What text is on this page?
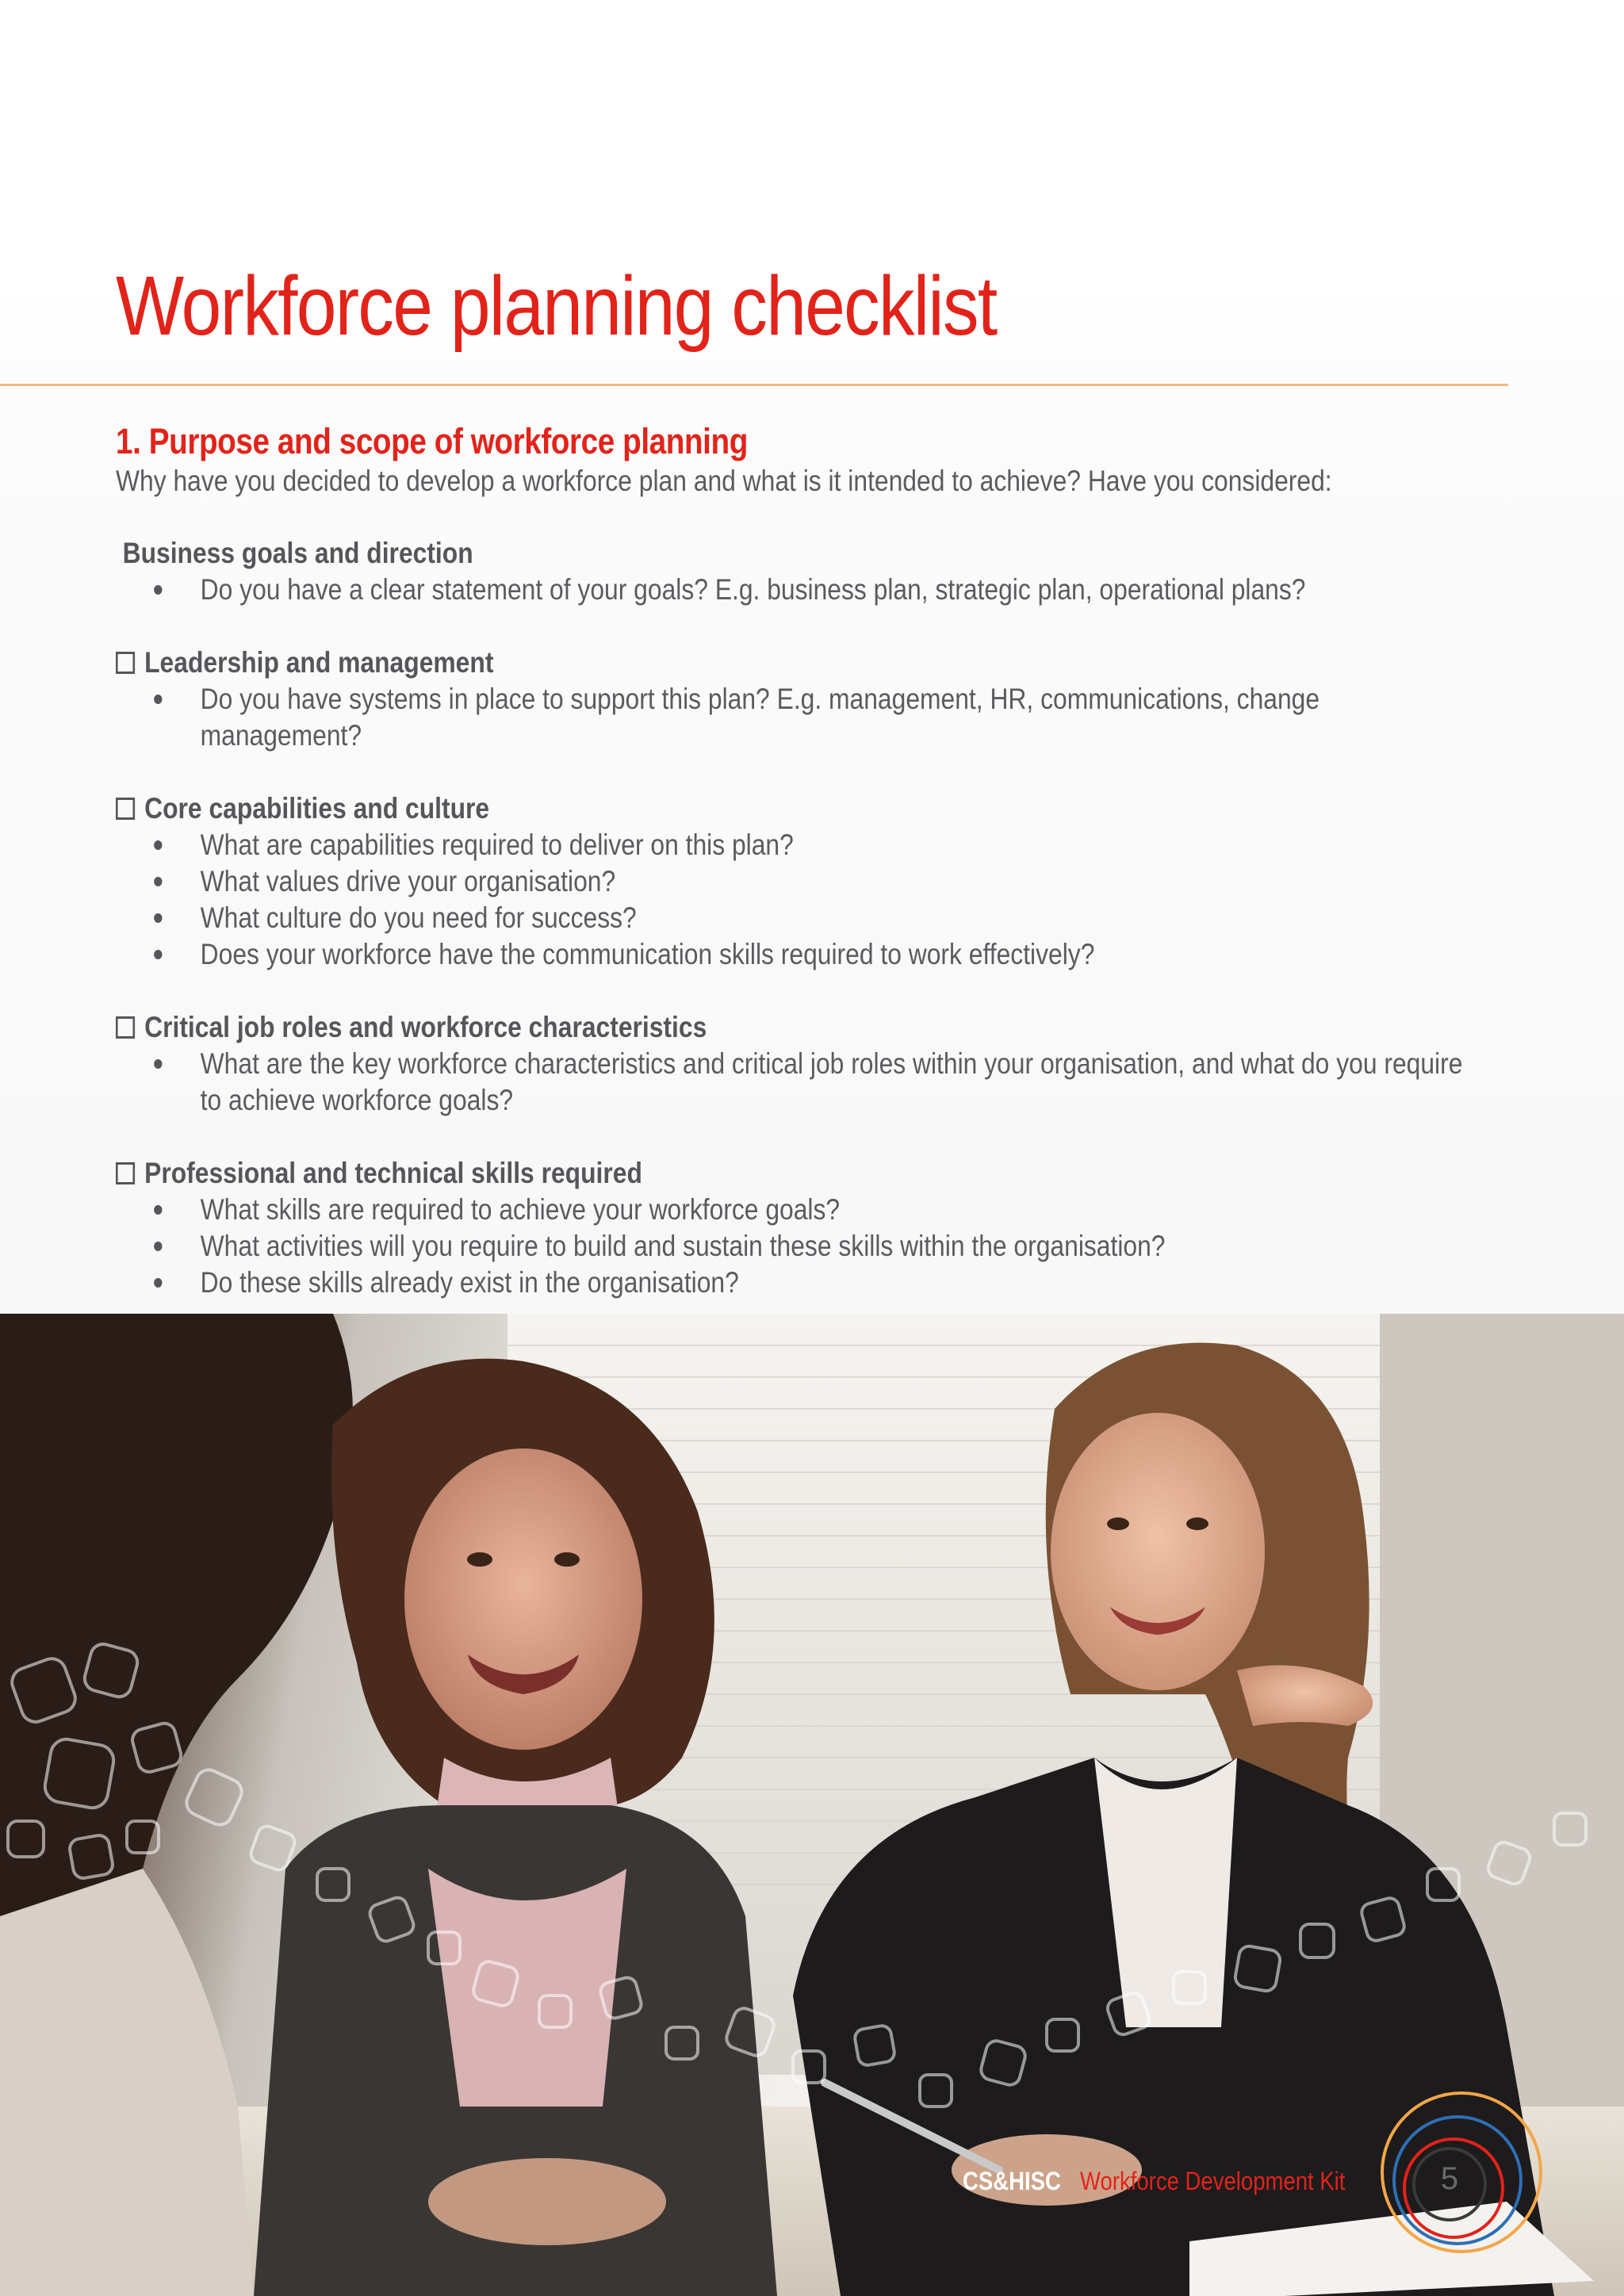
Workforce planning checklist
1. Purpose and scope of workforce planning

Why have you decided to develop a workforce plan and what is it intended to achieve? Have you considered:

Business goals and direction
Do you have a clear statement of your goals? E.g. business plan, strategic plan, operational plans?
Leadership and management
Do you have systems in place to support this plan? E.g. management, HR, communications, change management?
Core capabilities and culture
What are capabilities required to deliver on this plan?
What values drive your organisation?
What culture do you need for success?
Does your workforce have the communication skills required to work effectively?
Critical job roles and workforce characteristics
What are the key workforce characteristics and critical job roles within your organisation, and what do you require to achieve workforce goals?
Professional and technical skills required
What skills are required to achieve your workforce goals?
What activities will you require to build and sustain these skills within the organisation?
Do these skills already exist in the organisation?
CS&HISC Workforce Development Kit	5
